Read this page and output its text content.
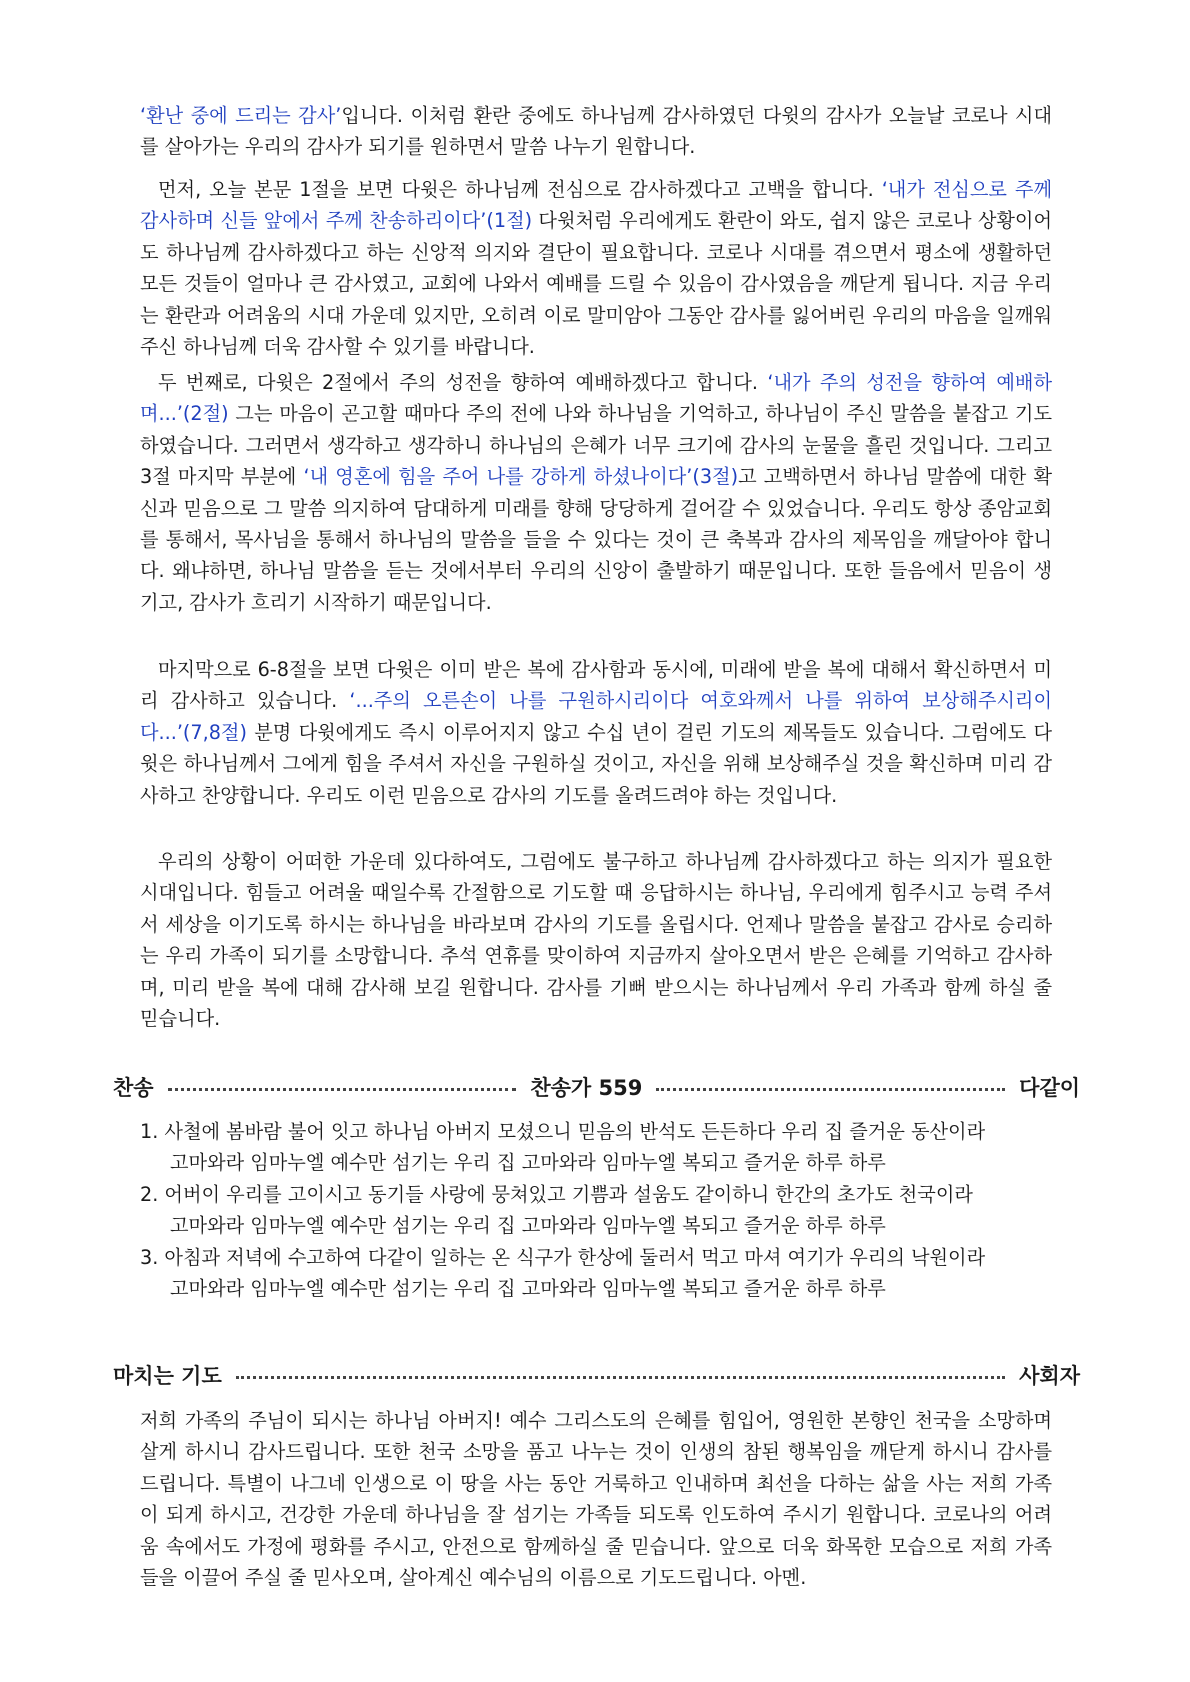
‘환난 중에 드리는 감사’입니다. 이처럼 환란 중에도 하나님께 감사하였던 다윗의 감사가 오늘날 코로나 시대를 살아가는 우리의 감사가 되기를 원하면서 말씀 나누기 원합니다.

먼저, 오늘 본문 1절을 보면 다윗은 하나님께 전심으로 감사하겠다고 고백을 합니다. ‘내가 전심으로 주께 감사하며 신들 앞에서 주께 찬송하리이다’(1절) 다윗처럼 우리에게도 환란이 와도, 쉽지 않은 코로나 상황이어도 하나님께 감사하겠다고 하는 신앙적 의지와 결단이 필요합니다. 코로나 시대를 겪으면서 평소에 생활하던 모든 것들이 얼마나 큰 감사였고, 교회에 나와서 예배를 드릴 수 있음이 감사였음을 깨닫게 됩니다. 지금 우리는 환란과 어려움의 시대 가운데 있지만, 오히려 이로 말미암아 그동안 감사를 잃어버린 우리의 마음을 일깨워주신 하나님께 더욱 감사할 수 있기를 바랍니다.

두 번째로, 다윗은 2절에서 주의 성전을 향하여 예배하겠다고 합니다. ‘내가 주의 성전을 향하여 예배하며...’(2절) 그는 마음이 곤고할 때마다 주의 전에 나와 하나님을 기억하고, 하나님이 주신 말씀을 붙잡고 기도하였습니다. 그러면서 생각하고 생각하니 하나님의 은혜가 너무 크기에 감사의 눈물을 흘린 것입니다. 그리고 3절 마지막 부분에 ‘내 영혼에 힘을 주어 나를 강하게 하셨나이다’(3절)고 고백하면서 하나님 말씀에 대한 확신과 믿음으로 그 말씀 의지하여 담대하게 미래를 향해 당당하게 걸어갈 수 있었습니다. 우리도 항상 종암교회를 통해서, 목사님을 통해서 하나님의 말씀을 들을 수 있다는 것이 큰 축복과 감사의 제목임을 깨달아야 합니다. 왜냐하면, 하나님 말씀을 듣는 것에서부터 우리의 신앙이 출발하기 때문입니다. 또한 들음에서 믿음이 생기고, 감사가 흐리기 시작하기 때문입니다.

마지막으로 6-8절을 보면 다윗은 이미 받은 복에 감사함과 동시에, 미래에 받을 복에 대해서 확신하면서 미리 감사하고 있습니다. ‘...주의 오른손이 나를 구원하시리이다 여호와께서 나를 위하여 보상해주시리이다...’(7,8절) 분명 다윗에게도 즉시 이루어지지 않고 수십 년이 걸린 기도의 제목들도 있습니다. 그럼에도 다윗은 하나님께서 그에게 힘을 주셔서 자신을 구원하실 것이고, 자신을 위해 보상해주실 것을 확신하며 미리 감사하고 찬양합니다. 우리도 이런 믿음으로 감사의 기도를 올려드려야 하는 것입니다.

우리의 상황이 어떠한 가운데 있다하여도, 그럼에도 불구하고 하나님께 감사하겠다고 하는 의지가 필요한 시대입니다. 힘들고 어려울 때일수록 간절함으로 기도할 때 응답하시는 하나님, 우리에게 힘주시고 능력 주셔서 세상을 이기도록 하시는 하나님을 바라보며 감사의 기도를 올립시다. 언제나 말씀을 붙잡고 감사로 승리하는 우리 가족이 되기를 소망합니다. 추석 연휴를 맞이하여 지금까지 살아오면서 받은 은혜를 기억하고 감사하며, 미리 받을 복에 대해 감사해 보길 원합니다. 감사를 기뻐 받으시는 하나님께서 우리 가족과 함께 하실 줄 믿습니다.

찬송	찬송가 559	다같이
1. 사철에 봄바람 불어 잇고 하나님 아버지 모셨으니 믿음의 반석도 든든하다 우리 집 즐거운 동산이라
고마와라 임마누엘 예수만 섬기는 우리 집 고마와라 임마누엘 복되고 즐거운 하루 하루
2. 어버이 우리를 고이시고 동기들 사랑에 뭉쳐있고 기쁨과 설움도 같이하니 한간의 초가도 천국이라
고마와라 임마누엘 예수만 섬기는 우리 집 고마와라 임마누엘 복되고 즐거운 하루 하루
3. 아침과 저녁에 수고하여 다같이 일하는 온 식구가 한상에 둘러서 먹고 마셔 여기가 우리의 낙원이라
고마와라 임마누엘 예수만 섬기는 우리 집 고마와라 임마누엘 복되고 즐거운 하루 하루
마치는 기도	사회자

저희 가족의 주님이 되시는 하나님 아버지! 예수 그리스도의 은혜를 힘입어, 영원한 본향인 천국을 소망하며 살게 하시니 감사드립니다. 또한 천국 소망을 품고 나누는 것이 인생의 참된 행복임을 깨닫게 하시니 감사를 드립니다. 특별이 나그네 인생으로 이 땅을 사는 동안 거룩하고 인내하며 최선을 다하는 삶을 사는 저희 가족이 되게 하시고, 건강한 가운데 하나님을 잘 섬기는 가족들 되도록 인도하여 주시기 원합니다. 코로나의 어려움 속에서도 가정에 평화를 주시고, 안전으로 함께하실 줄 믿습니다. 앞으로 더욱 화목한 모습으로 저희 가족들을 이끌어 주실 줄 믿사오며, 살아계신 예수님의 이름으로 기도드립니다. 아멘.
